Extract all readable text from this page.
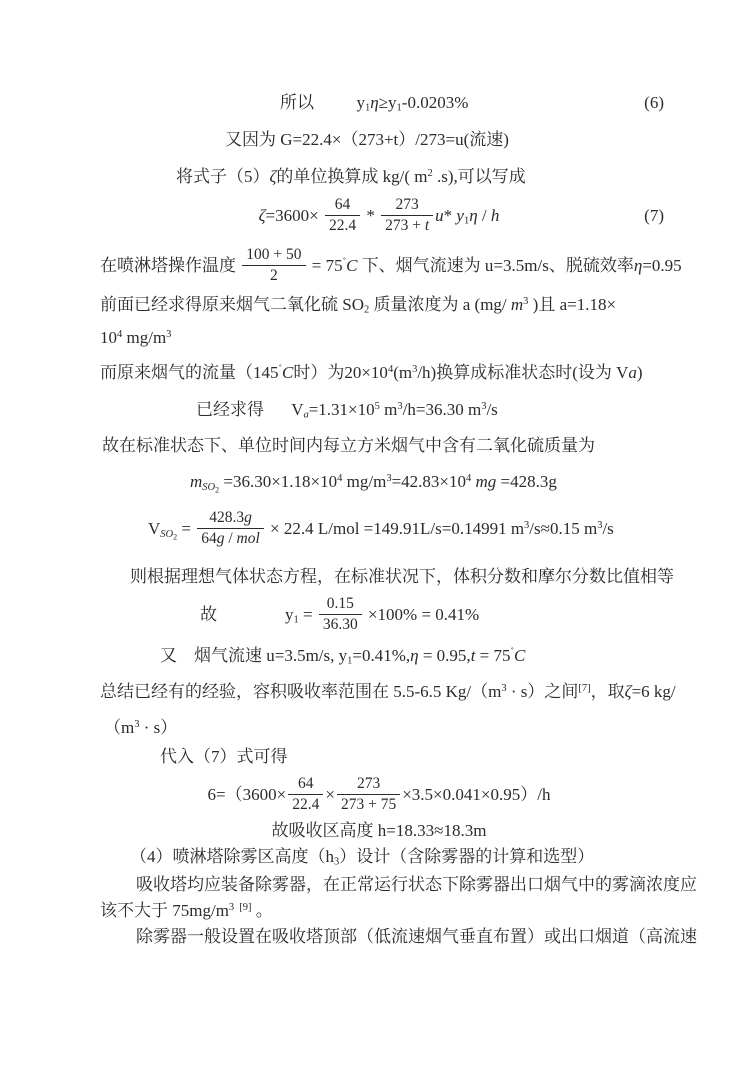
所以	$y_1\eta\ge y_1-0.0203\%$	(6)
又因为 G=22.4×（273+t）/273=u(流速)
将式子（5）ζ的单位换算成 kg/( $m^2$ .s),可以写成
$\zeta=3600\times \frac{64}{22.4} * \frac{273}{273 + t} u*$ $y_1\eta$ / h	(7)
在喷淋塔操作温度 $\frac{100 + 50}{2} = 75^˚C$ 下、烟气流速为 u=3.5m/s、脱硫效率η=0.95
前面已经求得原来烟气二氧化硫 $SO_2$ 质量浓度为 a (mg/ $m^3$ )且 a=1.18×
$10^4$ $mg/m^3$
而原来烟气的流量（145˚C时）为$20\times 10^4(m^3/h)$换算成标准状态时(设为 Va)
已经求得 $V_a=1.31\times 10^5$ $m^3/h=36.30$ $m^3/s$
故在标准状态下、单位时间内每立方米烟气中含有二氧化硫质量为
$m_{SO_2} =36.30\times 1.18\times 10^4$ $mg/m^3=42.83\times 10^4$ mg =428.3g
$V_{SO_2} = \frac{428.3g}{\text{64g / mol}} \times 22.4$ L/mol =149.91L/s=0.14991 $m^3/s\approx 0.15$ $m^3/s$
则根据理想气体状态方程，在标准状况下，体积分数和摩尔分数比值相等
故	$y_1 = \frac{0.15}{36.30} \times 100\% = 0.41\%$
又 烟气流速 u=3.5m/s, $y_1=0.41\%,\eta = 0.95,t = 75^˚C$
总结已经有的经验，容积吸收率范围在 5.5-6.5 $Kg/(m^3 \cdot s)$之间[7]，取ζ=6 kg/
$(m^3 \cdot s)$
代入（7）式可得
$6=(3600\times \frac{64}{22.4} \times \frac{273}{273 + 75} \times 3.5\times 0.041\times 0.95)/h$
故吸收区高度 h=18.33≈18.3m
（4）喷淋塔除雾区高度$(h_3)$设计（含除雾器的计算和选型）
吸收塔均应装备除雾器，在正常运行状态下除雾器出口烟气中的雾滴浓度应
该不大于 $75mg/m^3$ [9] 。
除雾器一般设置在吸收塔顶部（低流速烟气垂直布置）或出口烟道（高流速
